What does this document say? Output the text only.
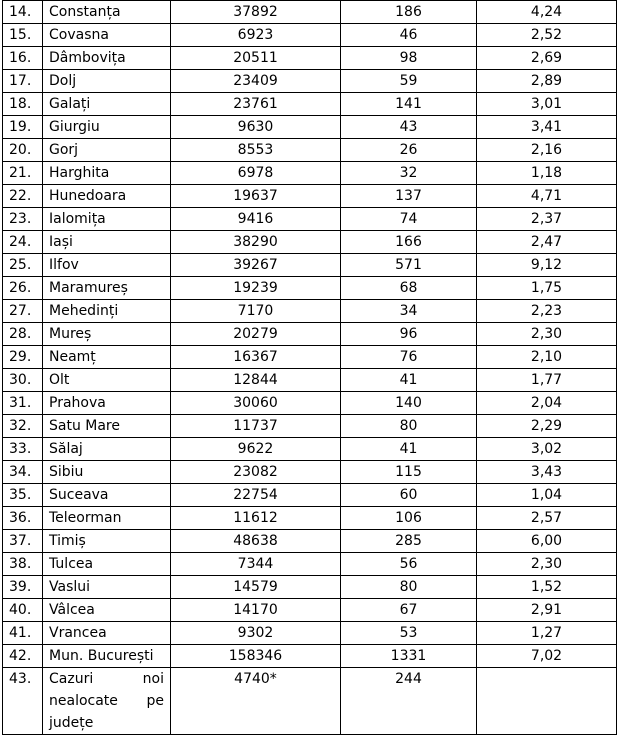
14.	Constanța	37892	186	4,24
15.	Covasna	6923	46	2,52
16.	Dâmbovița	20511	98	2,69
17.	Dolj	23409	59	2,89
18.	Galați	23761	141	3,01
19.	Giurgiu	9630	43	3,41
20.	Gorj	8553	26	2,16
21.	Harghita	6978	32	1,18
22.	Hunedoara	19637	137	4,71
23.	Ialomița	9416	74	2,37
24.	Iași	38290	166	2,47
25.	Ilfov	39267	571	9,12
26.	Maramureș	19239	68	1,75
27.	Mehedinți	7170	34	2,23
28.	Mureș	20279	96	2,30
29.	Neamț	16367	76	2,10
30.	Olt	12844	41	1,77
31.	Prahova	30060	140	2,04
32.	Satu Mare	11737	80	2,29
33.	Sălaj	9622	41	3,02
34.	Sibiu	23082	115	3,43
35.	Suceava	22754	60	1,04
36.	Teleorman	11612	106	2,57
37.	Timiș	48638	285	6,00
38.	Tulcea	7344	56	2,30
39.	Vaslui	14579	80	1,52
40.	Vâlcea	14170	67	2,91
41.	Vrancea	9302	53	1,27
42.	Mun. București	158346	1331	7,02
43.	Cazuri noi nealocate pe județe	4740*	244	
